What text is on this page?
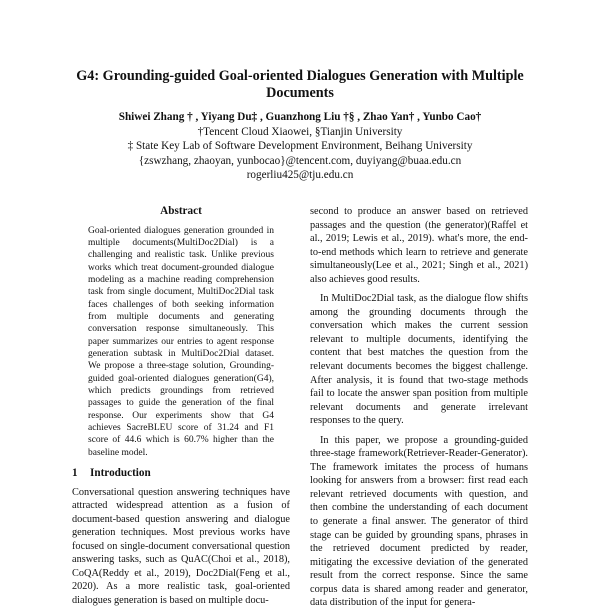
G4: Grounding-guided Goal-oriented Dialogues Generation with Multiple Documents
Shiwei Zhang † , Yiyang Du‡ , Guanzhong Liu †§ , Zhao Yan† , Yunbo Cao†
†Tencent Cloud Xiaowei, §Tianjin University
‡ State Key Lab of Software Development Environment, Beihang University
{zswzhang, zhaoyan, yunbocao}@tencent.com, duyiyang@buaa.edu.cn
rogerliu425@tju.edu.cn
Abstract

Goal-oriented dialogues generation grounded in multiple documents(MultiDoc2Dial) is a challenging and realistic task. Unlike previous works which treat document-grounded dialogue modeling as a machine reading comprehension task from single document, MultiDoc2Dial task faces challenges of both seeking information from multiple documents and generating conversation response simultaneously. This paper summarizes our entries to agent response generation subtask in MultiDoc2Dial dataset. We propose a three-stage solution, Grounding-guided goal-oriented dialogues generation(G4), which predicts groundings from retrieved passages to guide the generation of the final response. Our experiments show that G4 achieves SacreBLEU score of 31.24 and F1 score of 44.6 which is 60.7% higher than the baseline model.

1 Introduction

Conversational question answering techniques have attracted widespread attention as a fusion of document-based question answering and dialogue generation techniques. Most previous works have focused on single-document conversational question answering tasks, such as QuAC(Choi et al., 2018), CoQA(Reddy et al., 2019), Doc2Dial(Feng et al., 2020). As a more realistic task, goal-oriented dialogues generation is based on multiple docu-

second to produce an answer based on retrieved passages and the question (the generator)(Raffel et al., 2019; Lewis et al., 2019). what's more, the end-to-end methods which learn to retrieve and generate simultaneously(Lee et al., 2021; Singh et al., 2021) also achieves good results.

In MultiDoc2Dial task, as the dialogue flow shifts among the grounding documents through the conversation which makes the current session relevant to multiple documents, identifying the content that best matches the question from the relevant documents becomes the biggest challenge. After analysis, it is found that two-stage methods fail to locate the answer span position from multiple relevant documents and generate irrelevant responses to the query.

In this paper, we propose a grounding-guided three-stage framework(Retriever-Reader-Generator). The framework imitates the process of humans looking for answers from a browser: first read each relevant retrieved documents with question, and then combine the understanding of each document to generate a final answer. The generator of third stage can be guided by grounding spans, phrases in the retrieved document predicted by reader, mitigating the excessive deviation of the generated result from the correct response. Since the same corpus data is shared among reader and generator, data distribution of the input for genera-
